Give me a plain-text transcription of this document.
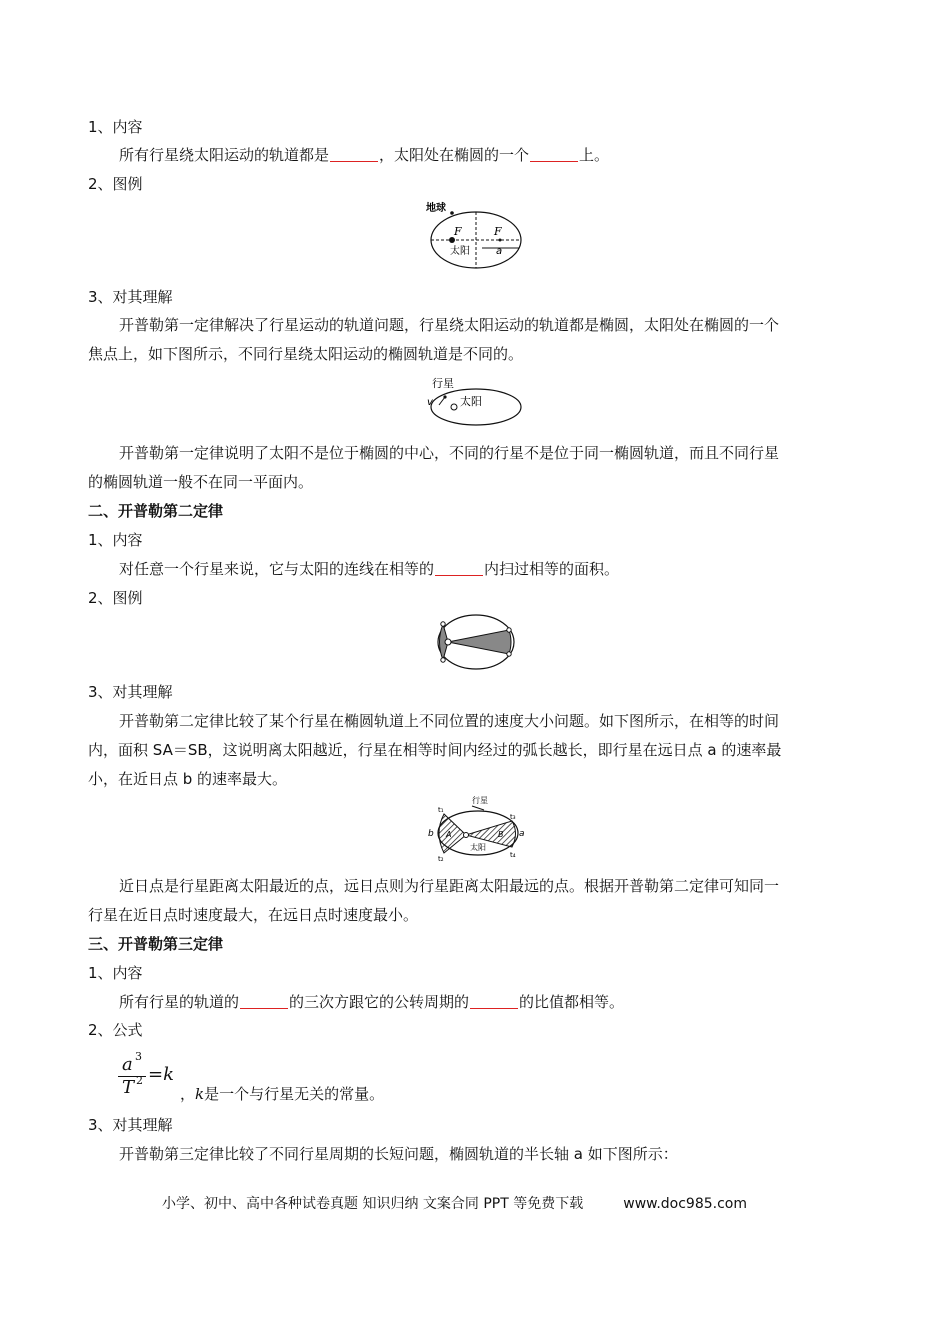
1、内容
所有行星绕太阳运动的轨道都是	，太阳处在椭圆的一个	上。
2、图例
地球
F	F
太阳	a
3、对其理解
开普勒第一定律解决了行星运动的轨道问题，行星绕太阳运动的轨道都是椭圆，太阳处在椭圆的一个
焦点上，如下图所示，不同行星绕太阳运动的椭圆轨道是不同的。
行星
v 太阳
开普勒第一定律说明了太阳不是位于椭圆的中心，不同的行星不是位于同一椭圆轨道，而且不同行星
的椭圆轨道一般不在同一平面内。
二、开普勒第二定律
1、内容
对任意一个行星来说，它与太阳的连线在相等的	内扫过相等的面积。
2、图例
3、对其理解
开普勒第二定律比较了某个行星在椭圆轨道上不同位置的速度大小问题。如下图所示，在相等的时间
内，面积 SA＝SB，这说明离太阳越近，行星在相等时间内经过的弧长越长，即行星在远日点 a 的速率最
小，在近日点 b 的速率最大。
行星
太阳
b	a
A	B
t₁
t₂
t₃
t₄
近日点是行星距离太阳最近的点，远日点则为行星距离太阳最远的点。根据开普勒第二定律可知同一
行星在近日点时速度最大，在远日点时速度最小。
三、开普勒第三定律
1、内容
所有行星的轨道的	的三次方跟它的公转周期的	的比值都相等。
2、公式
a 3
T 2 =k
，k是一个与行星无关的常量。
3、对其理解
开普勒第三定律比较了不同行星周期的长短问题，椭圆轨道的半长轴 a 如下图所示：
小学、初中、高中各种试卷真题 知识归纳 文案合同 PPT 等免费下载	www.doc985.com
